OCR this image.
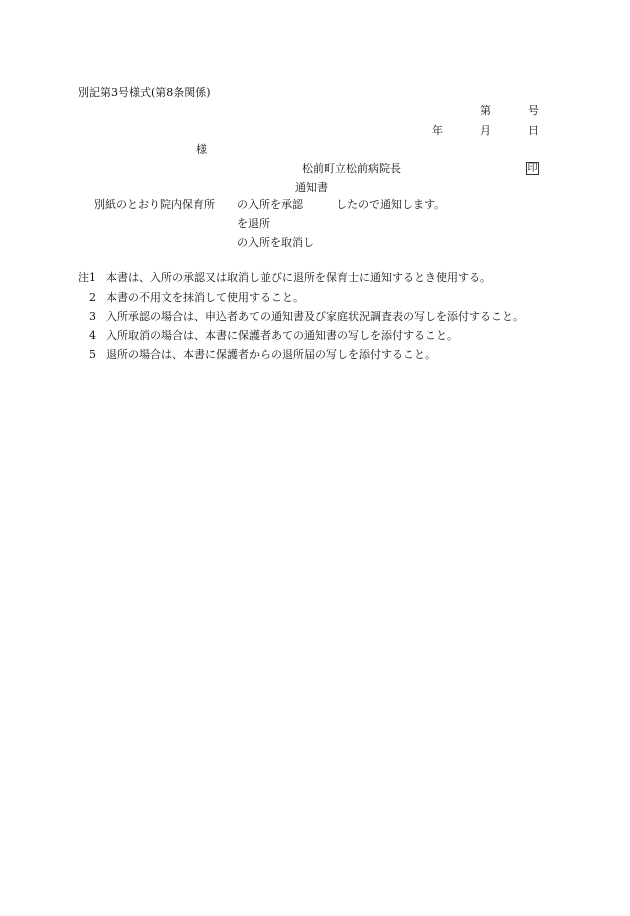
別記第3号様式(第8条関係)
第	号
年	月	日
様
松前町立松前病院長	印
通知書
別紙のとおり院内保育所 の入所を承認	したので通知します。
を退所
の入所を取消し
注1 本書は、入所の承認又は取消し並びに退所を保育士に通知するとき使用する。
2 本書の不用文を抹消して使用すること。
3 入所承認の場合は、申込者あての通知書及び家庭状況調査表の写しを添付すること。
4 入所取消の場合は、本書に保護者あての通知書の写しを添付すること。
5 退所の場合は、本書に保護者からの退所届の写しを添付すること。
